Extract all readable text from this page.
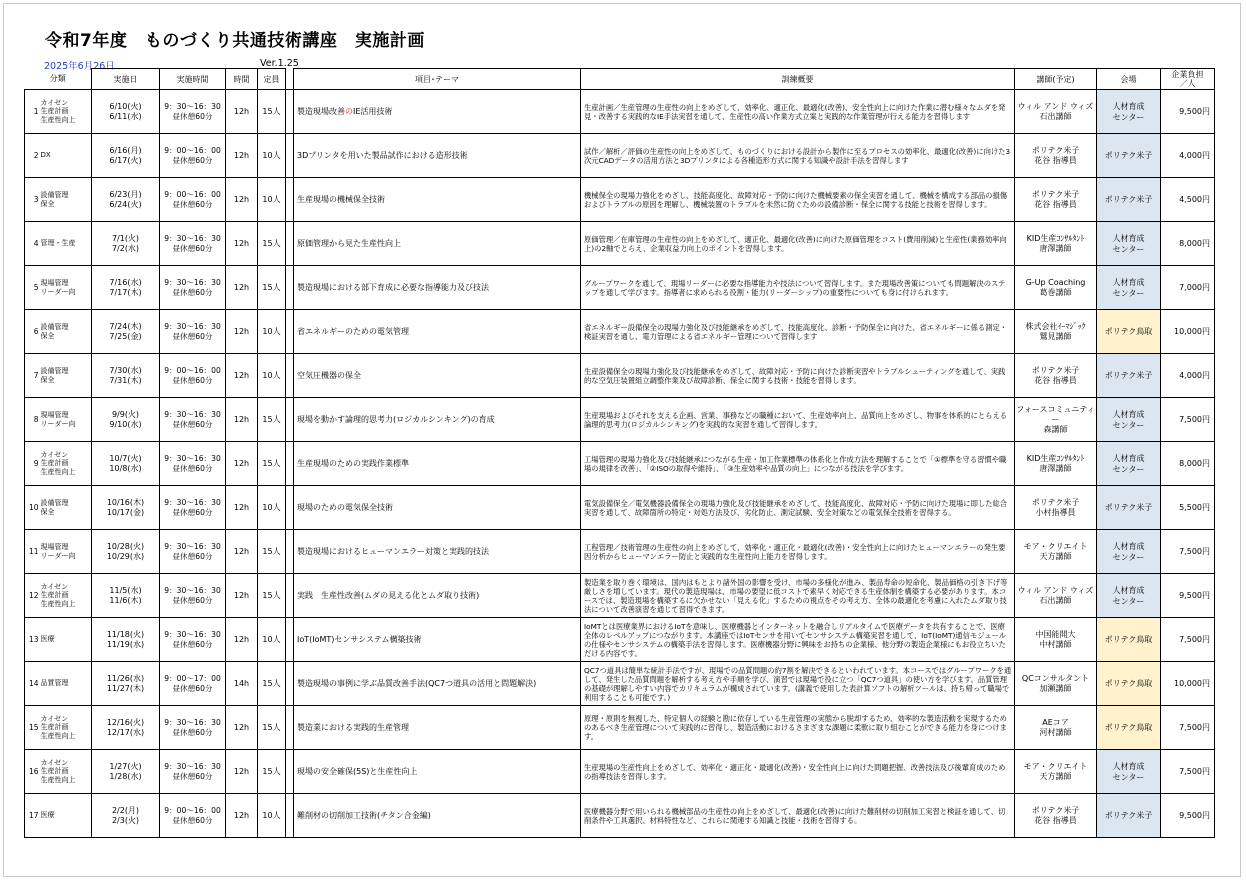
令和7年度　ものづくり共通技術講座　実施計画
2025年6月26日	Ver.1.25
分類		実施日	実施時間	時間	定員		項目･テーマ	訓練概要	講師(予定)	会場	企業負担
／人
1	カイゼン
生産計画
生産性向上	6/10(火)
6/11(水)	9：30～16：30
昼休憩60分	12h	15人		製造現場改善のIE活用技術	生産計画／生産管理の生産性の向上をめざして、効率化、適正化、最適化(改善)、安全性向上に向けた作業に潜む様々なムダを発見・改善する実践的なIE手法実習を通して、生産性の高い作業方式立案と実践的な作業管理が行える能力を習得します	ウィル アンド ウィズ
石出講師	人材育成
センター	9,500円
2	DX	6/16(月)
6/17(火)	9：00～16：00
昼休憩60分	12h	10人		3Dプリンタを用いた製品試作における造形技術	試作／解析／評価の生産性の向上をめざして、ものづくりにおける設計から製作に至るプロセスの効率化、最適化(改善)に向けた3次元CADデータの活用方法と3Dプリンタによる各種造形方式に関する知識や設計手法を習得します	ポリテク米子
花谷 指導員	ポリテク米子	4,000円
3	設備管理
保全	6/23(月)
6/24(火)	9：00～16：00
昼休憩60分	12h	10人		生産現場の機械保全技術	機械保全の現場力強化をめざし、技能高度化、故障対応・予防に向けた機械要素の保全実習を通して、機械を構成する部品の損傷およびトラブルの原因を理解し、機械装置のトラブルを未然に防ぐための設備診断・保全に関する技能と技術を習得します。	ポリテク米子
花谷 指導員	ポリテク米子	4,500円
4	管理・生産	7/1(火)
7/2(水)	9：30～16：30
昼休憩60分	12h	15人		原価管理から見た生産性向上	原価管理／在庫管理の生産性の向上をめざして、適正化、最適化(改善)に向けた原価管理をコスト(費用削減)と生産性(業務効率向上)の2軸でとらえ、企業収益力向上のポイントを習得します。	KID生産ｺﾝｻﾙﾀﾝﾄ
唐澤講師	人材育成
センター	8,000円
5	現場管理
リーダー向	7/16(水)
7/17(木)	9：30～16：30
昼休憩60分	12h	15人		製造現場における部下育成に必要な指導能力及び技法	グループワークを通して、現場リーダーに必要な指導能力や技法について習得します。また現場改善策についても問題解決のステップを通して学びます。指導者に求められる役割・能力(リーダーシップ)の重要性についても身に付けられます。	G-Up Coaching
葛巻講師	人材育成
センター	7,000円
6	設備管理
保全	7/24(木)
7/25(金)	9：30～16：30
昼休憩60分	12h	10人		省エネルギーのための電気管理	省エネルギー設備保全の現場力強化及び技能継承をめざして、技能高度化、診断・予防保全に向けた、省エネルギーに係る測定・検証実習を通し、電力管理による省エネルギー管理について習得します	株式会社ｲｰﾏｼﾞｯｸ
鷲見講師	ポリテク鳥取	10,000円
7	設備管理
保全	7/30(水)
7/31(木)	9：00～16：00
昼休憩60分	12h	10人		空気圧機器の保全	生産設備保全の現場力強化及び技能継承をめざして、故障対応・予防に向けた診断実習やトラブルシューティングを通して、実践的な空気圧装置組立調整作業及び故障診断、保全に関する技術・技能を習得します。	ポリテク米子
花谷 指導員	ポリテク米子	4,000円
8	現場管理
リーダー向	9/9(火)
9/10(水)	9：30～16：30
昼休憩60分	12h	15人		現場を動かす論理的思考力(ロジカルシンキング)の育成	生産現場およびそれを支える企画、営業、事務などの職種において、生産効率向上、品質向上をめざし、物事を体系的にとらえる論理的思考力(ロジカルシンキング)を実践的な実習を通して習得します。	フォースコミュニティー
森講師	人材育成
センター	7,500円
9	カイゼン
生産計画
生産性向上	10/7(火)
10/8(水)	9：30～16：30
昼休憩60分	12h	15人		生産現場のための実践作業標準	工場管理の現場力強化及び技能継承につながる生産・加工作業標準の体系化と作成方法を理解することで「①標準を守る習慣や職場の規律を改善」、「②ISOの取得や維持」、「③生産効率や品質の向上」につながる技法を学びます。	KID生産ｺﾝｻﾙﾀﾝﾄ
唐澤講師	人材育成
センター	8,000円
10	設備管理
保全	10/16(木)
10/17(金)	9：30～16：30
昼休憩60分	12h	10人		現場のための電気保全技術	電気設備保全／電気機器設備保全の現場力強化及び技能継承をめざして、技能高度化、故障対応・予防に向けた現場に即した総合実習を通して、故障箇所の特定・対処方法及び、劣化防止、測定試験、安全対策などの電気保全技術を習得する。	ポリテク米子
小村指導員	ポリテク米子	5,500円
11	現場管理
リーダー向	10/28(火)
10/29(水)	9：30～16：30
昼休憩60分	12h	15人		製造現場におけるヒューマンエラー対策と実践的技法	工程管理／技術管理の生産性の向上をめざして、効率化・適正化・最適化(改善)・安全性向上に向けたヒューマンエラーの発生要因分析からヒューマンエラー防止と実践的な生産性向上能力を習得します。	モア・クリエイト
天方講師	人材育成
センター	7,500円
12	カイゼン
生産計画
生産性向上	11/5(水)
11/6(木)	9：30～16：30
昼休憩60分	12h	15人		実践　生産性改善(ムダの見える化とムダ取り技術)	製造業を取り巻く環境は、国内はもとより諸外国の影響を受け、市場の多様化が進み、製品寿命の短命化、製品価格の引き下げ等厳しさを増しています。現代の製造現場は、市場の要望に低コストで素早く対応できる生産体制を構築する必要があります。本コースでは、製造現場を構築するに欠かせない「見える化」するための視点をその考え方、全体の最適化を考慮に入れたムダ取り技法について改善演習を通じて習得できます。	ウィル アンド ウィズ
石出講師	人材育成
センター	9,500円
13	医療	11/18(火)
11/19(水)	9：30～16：30
昼休憩60分	12h	10人		IoT(IoMT)センサシステム構築技術	IoMTとは医療業界におけるIoTを意味し、医療機器とインターネットを融合しリアルタイムで医療データを共有することで、医療全体のレベルアップにつながります。本講座ではIoTセンサを用いてセンサシステム構築実習を通して、IoT(IoMT)通信モジュールの仕様やセンサシステムの構築手法を習得します。医療機器分野に興味をお持ちの企業様、他分野の製造企業様にもお役立ちいただける内容です。	中国能開大
中村講師	ポリテク鳥取	7,500円
14	品質管理	11/26(水)
11/27(木)	9：00～17：00
昼休憩60分	14h	15人		製造現場の事例に学ぶ品質改善手法(QC7つ道具の活用と問題解決)	QC7つ道具は簡単な統計手法ですが、現場での品質問題の約7割を解決できるといわれています。本コースではグループワークを通して、発生した品質問題を解析する考え方や手順を学び、演習では現場で役に立つ「QC7つ道具」の使い方を学びます。品質管理の基礎が理解しやすい内容でカリキュラムが構成されています。(講義で使用した表計算ソフトの解析ツールは、持ち帰って職場で利用することも可能です。)	QCコンサルタント
加瀬講師	ポリテク鳥取	10,000円
15	カイゼン
生産計画
生産性向上	12/16(火)
12/17(水)	9：30～16：30
昼休憩60分	12h	15人		製造業における実践的生産管理	原理・原則を無視した、特定個人の経験と勘に依存している生産管理の実態から脱却するため、効率的な製造活動を実現するためのあるべき生産管理について実践的に習得し、製造活動におけるさまざまな課題に柔軟に取り組むことができる能力を身につけます。	AEコア
河村講師	ポリテク鳥取	7,500円
16	カイゼン
生産計画
生産性向上	1/27(火)
1/28(水)	9：30～16：30
昼休憩60分	12h	15人		現場の安全確保(5S)と生産性向上	生産現場の生産性向上をめざして、効率化・適正化・最適化(改善)・安全性向上に向けた問題把握、改善技法及び後輩育成のための指導技法を習得します。	モア・クリエイト
天方講師	人材育成
センター	7,500円
17	医療	2/2(月)
2/3(火)	9：00～16：00
昼休憩60分	12h	10人		難削材の切削加工技術(チタン合金編)	医療機器分野で用いられる機械部品の生産性の向上をめざして、最適化(改善)に向けた難削材の切削加工実習と検証を通して、切削条件や工具選択、材料特性など、これらに関連する知識と技能・技術を習得する。	ポリテク米子
花谷 指導員	ポリテク米子	9,500円
